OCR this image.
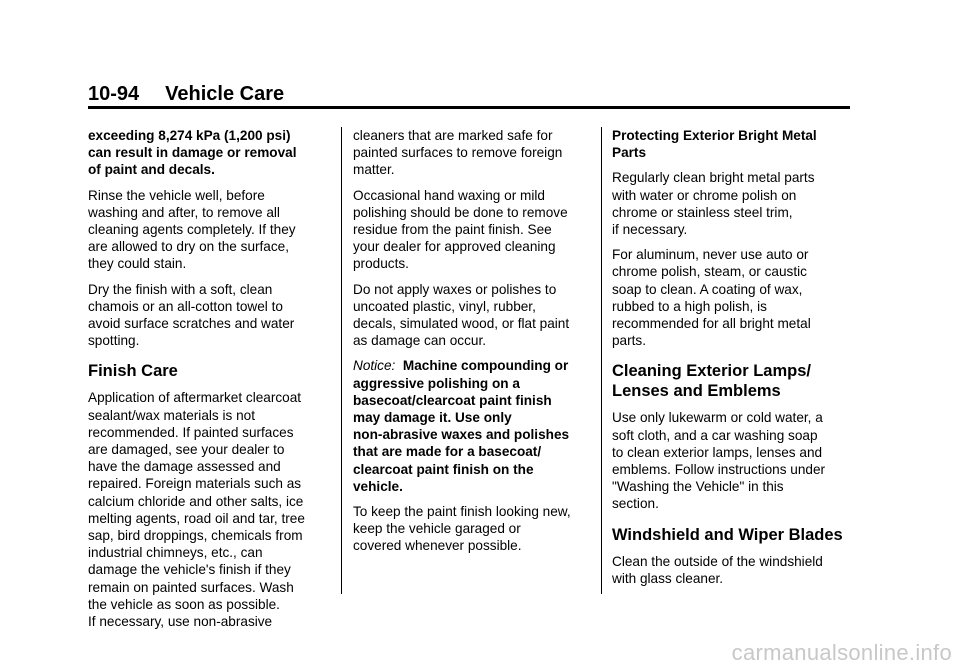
10-94 Vehicle Care

exceeding 8,274 kPa (1,200 psi)
can result in damage or removal
of paint and decals.

Rinse the vehicle well, before
washing and after, to remove all
cleaning agents completely. If they
are allowed to dry on the surface,
they could stain.

Dry the finish with a soft, clean
chamois or an all-cotton towel to
avoid surface scratches and water
spotting.

Finish Care

Application of aftermarket clearcoat
sealant/wax materials is not
recommended. If painted surfaces
are damaged, see your dealer to
have the damage assessed and
repaired. Foreign materials such as
calcium chloride and other salts, ice
melting agents, road oil and tar, tree
sap, bird droppings, chemicals from
industrial chimneys, etc., can
damage the vehicle's finish if they
remain on painted surfaces. Wash
the vehicle as soon as possible.
If necessary, use non-abrasive

cleaners that are marked safe for
painted surfaces to remove foreign
matter.

Occasional hand waxing or mild
polishing should be done to remove
residue from the paint finish. See
your dealer for approved cleaning
products.

Do not apply waxes or polishes to
uncoated plastic, vinyl, rubber,
decals, simulated wood, or flat paint
as damage can occur.

Notice: Machine compounding or
aggressive polishing on a
basecoat/clearcoat paint finish
may damage it. Use only
non-abrasive waxes and polishes
that are made for a basecoat/
clearcoat paint finish on the
vehicle.

To keep the paint finish looking new,
keep the vehicle garaged or
covered whenever possible.

Protecting Exterior Bright Metal
Parts

Regularly clean bright metal parts
with water or chrome polish on
chrome or stainless steel trim,
if necessary.

For aluminum, never use auto or
chrome polish, steam, or caustic
soap to clean. A coating of wax,
rubbed to a high polish, is
recommended for all bright metal
parts.

Cleaning Exterior Lamps/
Lenses and Emblems

Use only lukewarm or cold water, a
soft cloth, and a car washing soap
to clean exterior lamps, lenses and
emblems. Follow instructions under
"Washing the Vehicle" in this
section.

Windshield and Wiper Blades

Clean the outside of the windshield
with glass cleaner.

carmanualsonline.info
